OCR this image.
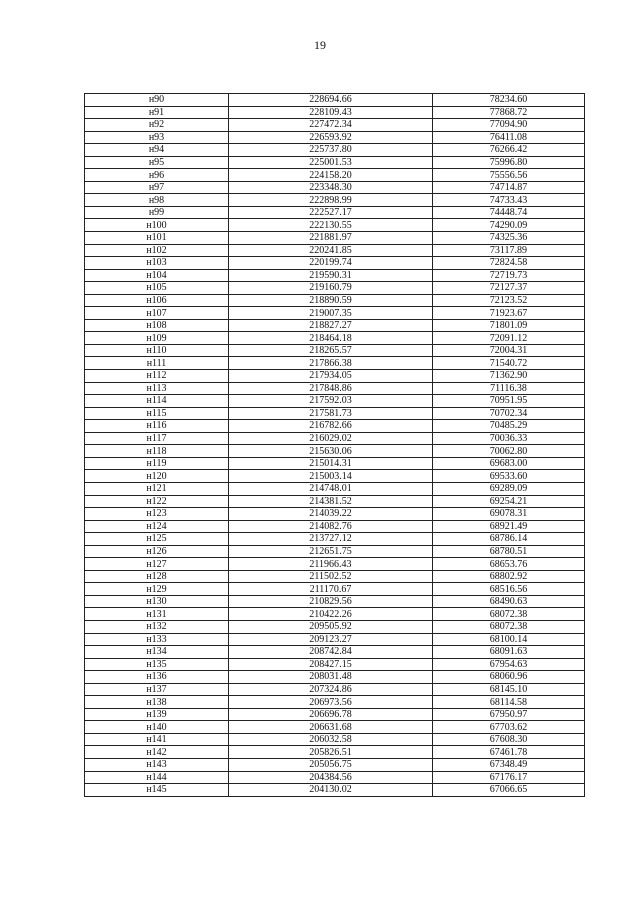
19
н90	228694.66	78234.60
н91	228109.43	77868.72
н92	227472.34	77094.90
н93	226593.92	76411.08
н94	225737.80	76266.42
н95	225001.53	75996.80
н96	224158.20	75556.56
н97	223348.30	74714.87
н98	222898.99	74733.43
н99	222527.17	74448.74
н100	222130.55	74290.09
н101	221881.97	74325.36
н102	220241.85	73117.89
н103	220199.74	72824.58
н104	219590.31	72719.73
н105	219160.79	72127.37
н106	218890.59	72123.52
н107	219007.35	71923.67
н108	218827.27	71801.09
н109	218464.18	72091.12
н110	218265.57	72004.31
н111	217866.38	71540.72
н112	217934.05	71362.90
н113	217848.86	71116.38
н114	217592.03	70951.95
н115	217581.73	70702.34
н116	216782.66	70485.29
н117	216029.02	70036.33
н118	215630.06	70062.80
н119	215014.31	69683.00
н120	215003.14	69533.60
н121	214748.01	69289.09
н122	214381.52	69254.21
н123	214039.22	69078.31
н124	214082.76	68921.49
н125	213727.12	68786.14
н126	212651.75	68780.51
н127	211966.43	68653.76
н128	211502.52	68802.92
н129	211170.67	68516.56
н130	210829.56	68490.63
н131	210422.26	68072.38
н132	209505.92	68072.38
н133	209123.27	68100.14
н134	208742.84	68091.63
н135	208427.15	67954.63
н136	208031.48	68060.96
н137	207324.86	68145.10
н138	206973.56	68114.58
н139	206696.78	67950.97
н140	206631.68	67703.62
н141	206032.58	67608.30
н142	205826.51	67461.78
н143	205056.75	67348.49
н144	204384.56	67176.17
н145	204130.02	67066.65
